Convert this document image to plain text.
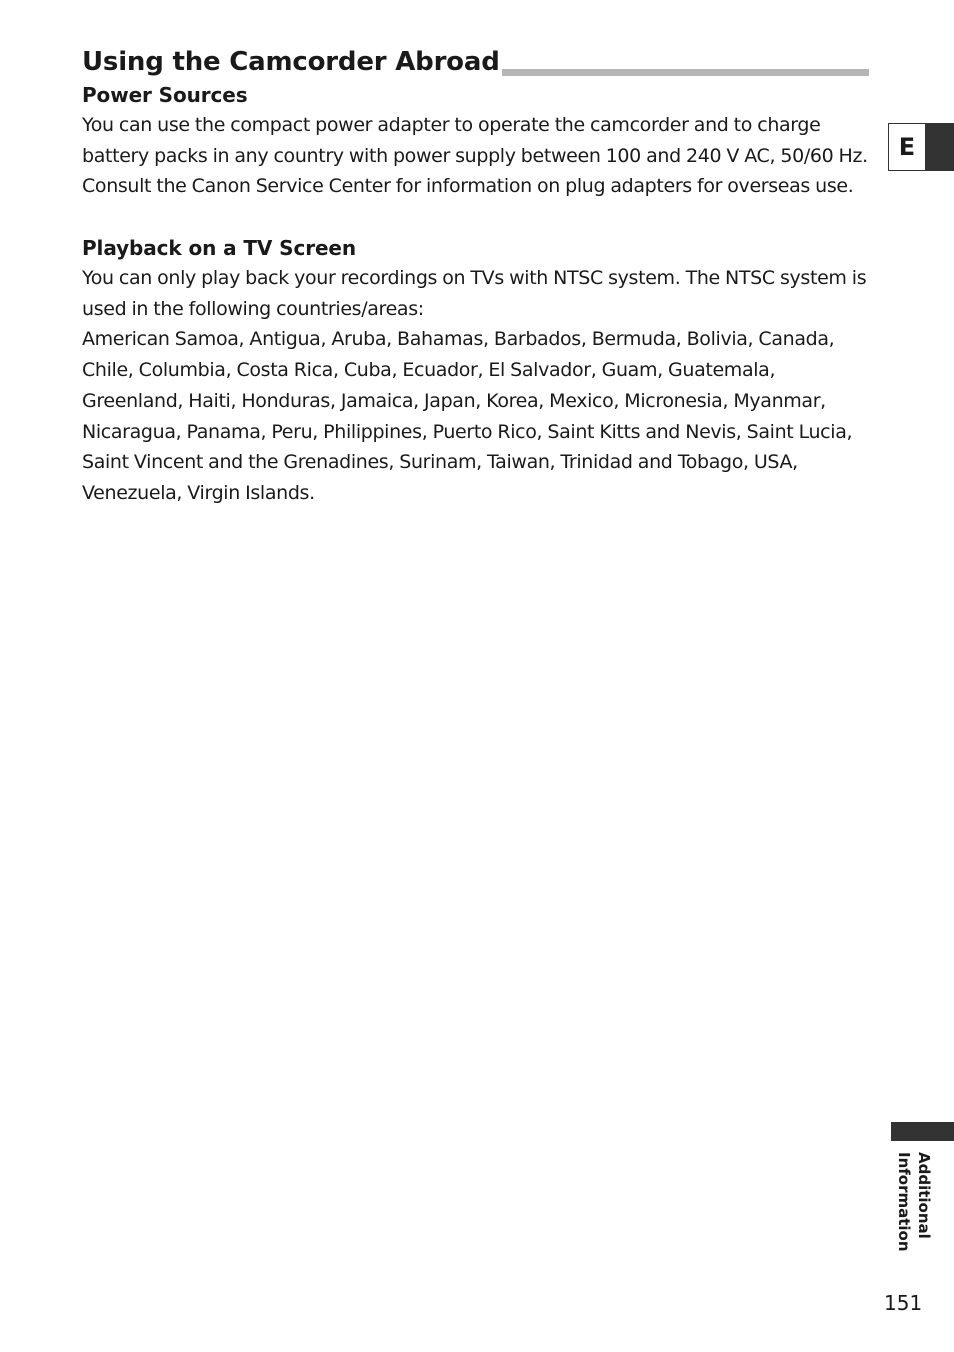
Using the Camcorder Abroad
Power Sources

You can use the compact power adapter to operate the camcorder and to charge battery packs in any country with power supply between 100 and 240 V AC, 50/60 Hz. Consult the Canon Service Center for information on plug adapters for overseas use.

Playback on a TV Screen

You can only play back your recordings on TVs with NTSC system. The NTSC system is used in the following countries/areas:

American Samoa, Antigua, Aruba, Bahamas, Barbados, Bermuda, Bolivia, Canada, Chile, Columbia, Costa Rica, Cuba, Ecuador, El Salvador, Guam, Guatemala, Greenland, Haiti, Honduras, Jamaica, Japan, Korea, Mexico, Micronesia, Myanmar, Nicaragua, Panama, Peru, Philippines, Puerto Rico, Saint Kitts and Nevis, Saint Lucia, Saint Vincent and the Grenadines, Surinam, Taiwan, Trinidad and Tobago, USA, Venezuela, Virgin Islands.

E
Additional
Information
151
